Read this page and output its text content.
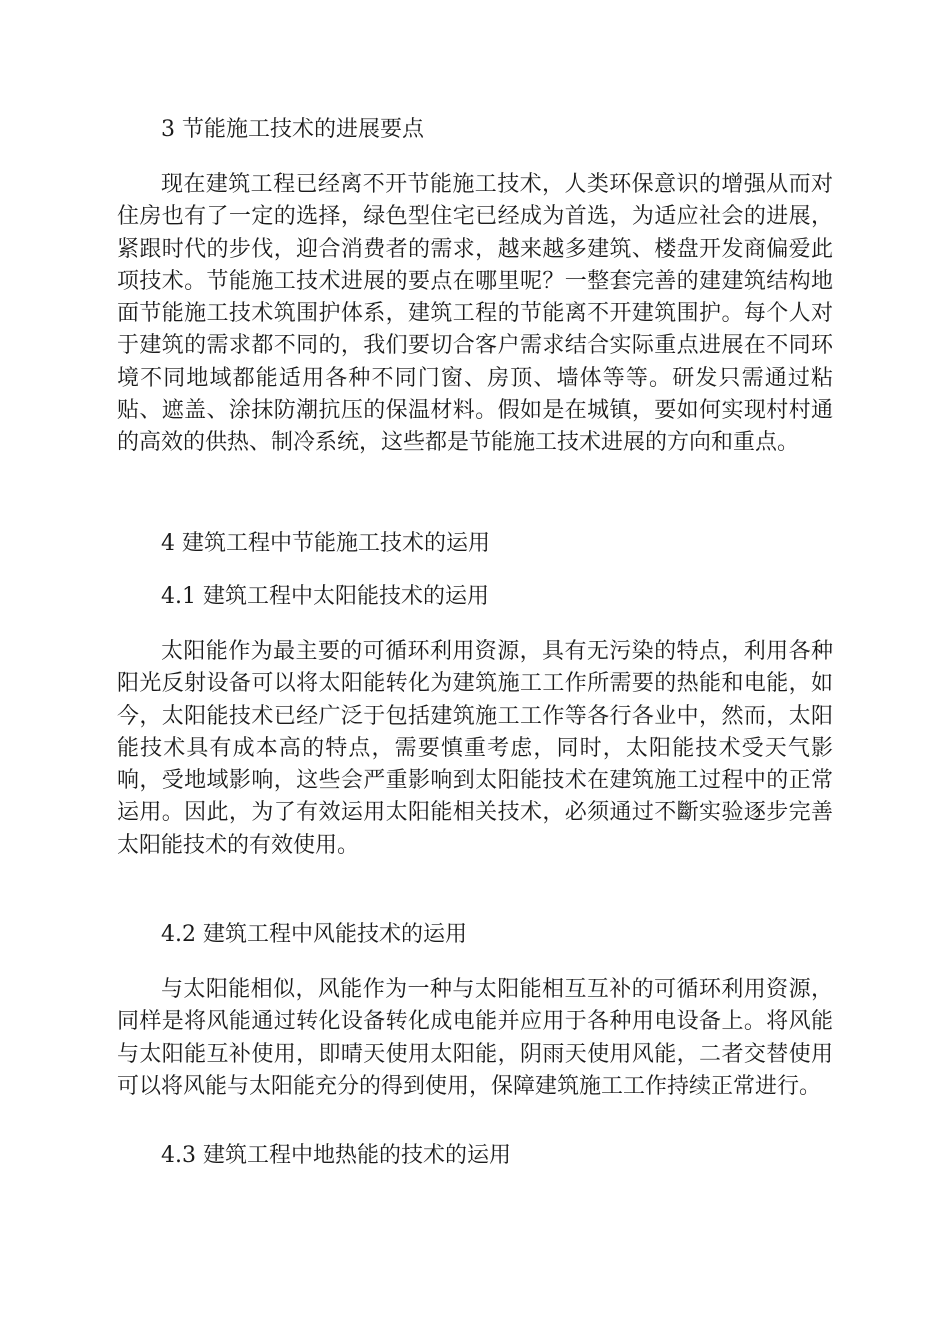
3 节能施工技术的进展要点
现在建筑工程已经离不开节能施工技术，人类环保意识的增强从而对
住房也有了一定的选择，绿色型住宅已经成为首选，为适应社会的进展，
紧跟时代的步伐，迎合消费者的需求，越来越多建筑、楼盘开发商偏爱此
项技术。节能施工技术进展的要点在哪里呢？一整套完善的建建筑结构地
面节能施工技术筑围护体系，建筑工程的节能离不开建筑围护。每个人对
于建筑的需求都不同的，我们要切合客户需求结合实际重点进展在不同环
境不同地域都能适用各种不同门窗、房顶、墙体等等。研发只需通过粘
贴、遮盖、涂抹防潮抗压的保温材料。假如是在城镇，要如何实现村村通
的高效的供热、制冷系统，这些都是节能施工技术进展的方向和重点。
4 建筑工程中节能施工技术的运用
4.1 建筑工程中太阳能技术的运用
太阳能作为最主要的可循环利用资源，具有无污染的特点，利用各种
阳光反射设备可以将太阳能转化为建筑施工工作所需要的热能和电能，如
今，太阳能技术已经广泛于包括建筑施工工作等各行各业中，然而，太阳
能技术具有成本高的特点，需要慎重考虑，同时，太阳能技术受天气影
响，受地域影响，这些会严重影响到太阳能技术在建筑施工过程中的正常
运用。因此，为了有效运用太阳能相关技术，必须通过不斷实验逐步完善
太阳能技术的有效使用。
4.2 建筑工程中风能技术的运用
与太阳能相似，风能作为一种与太阳能相互互补的可循环利用资源，
同样是将风能通过转化设备转化成电能并应用于各种用电设备上。将风能
与太阳能互补使用，即晴天使用太阳能，阴雨天使用风能，二者交替使用
可以将风能与太阳能充分的得到使用，保障建筑施工工作持续正常进行。
4.3 建筑工程中地热能的技术的运用
